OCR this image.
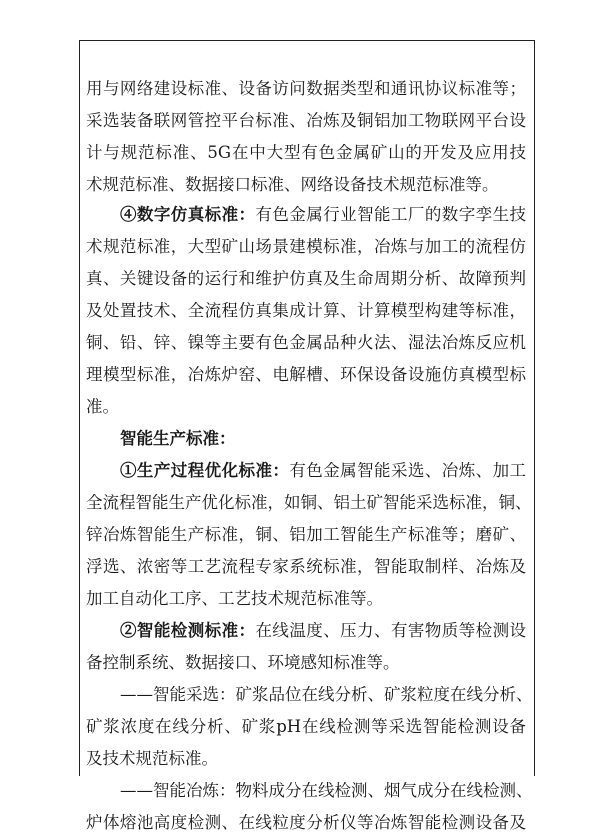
用与网络建设标准、设备访问数据类型和通讯协议标准等；
采选装备联网管控平台标准、冶炼及铜铝加工物联网平台设
计与规范标准、5G在中大型有色金属矿山的开发及应用技
术规范标准、数据接口标准、网络设备技术规范标准等。
④数字仿真标准：有色金属行业智能工厂的数字孪生技
术规范标准，大型矿山场景建模标准，冶炼与加工的流程仿
真、关键设备的运行和维护仿真及生命周期分析、故障预判
及处置技术、全流程仿真集成计算、计算模型构建等标准，
铜、铅、锌、镍等主要有色金属品种火法、湿法冶炼反应机
理模型标准，冶炼炉窑、电解槽、环保设备设施仿真模型标
准。
智能生产标准：
①生产过程优化标准：有色金属智能采选、冶炼、加工
全流程智能生产优化标准，如铜、铝土矿智能采选标准，铜、
锌冶炼智能生产标准，铜、铝加工智能生产标准等；磨矿、
浮选、浓密等工艺流程专家系统标准，智能取制样、冶炼及
加工自动化工序、工艺技术规范标准等。
②智能检测标准：在线温度、压力、有害物质等检测设
备控制系统、数据接口、环境感知标准等。
——智能采选：矿浆品位在线分析、矿浆粒度在线分析、
矿浆浓度在线分析、矿浆pH在线检测等采选智能检测设备
及技术规范标准。
——智能冶炼：物料成分在线检测、烟气成分在线检测、
炉体熔池高度检测、在线粒度分析仪等冶炼智能检测设备及
